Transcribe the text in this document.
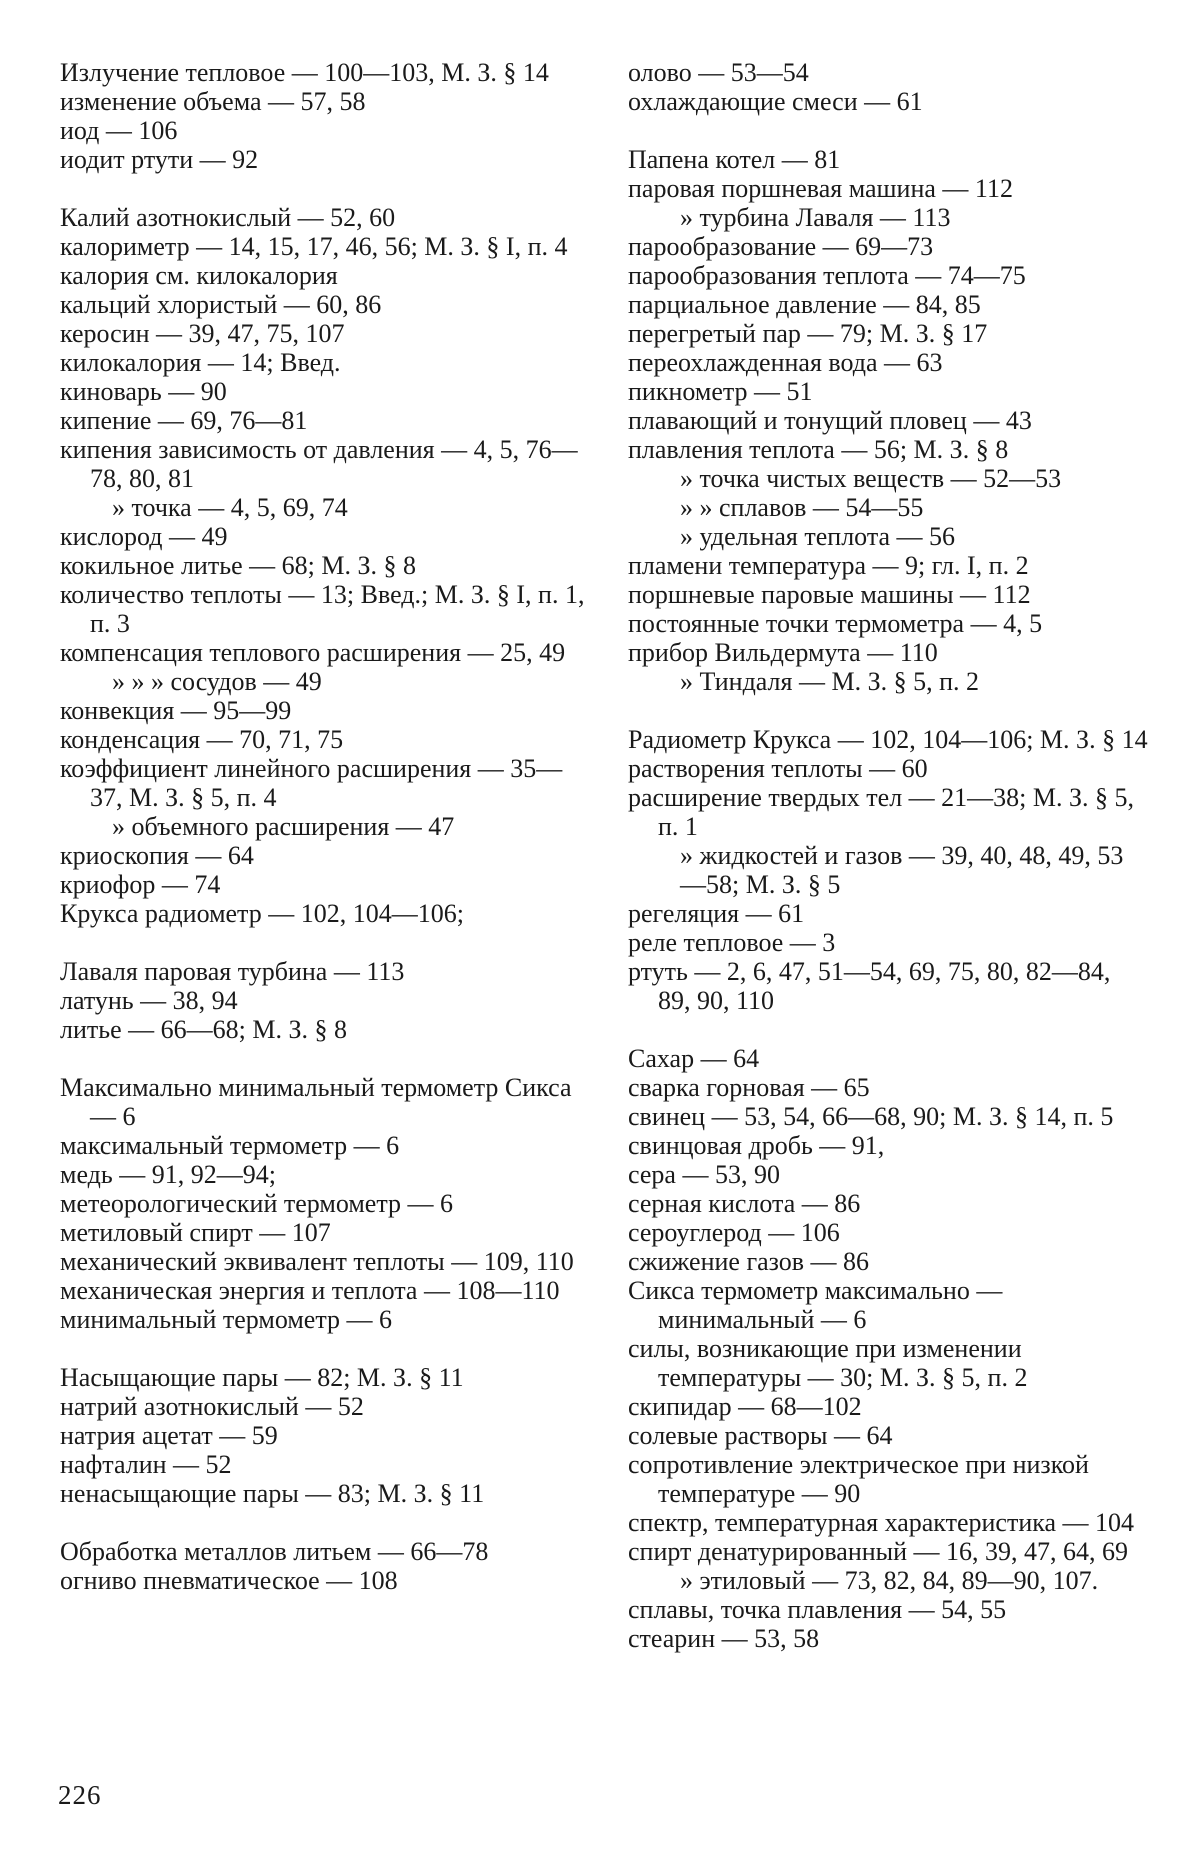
Излучение тепловое — 100—103, М. З. § 14
изменение объема — 57, 58
иод — 106
иодит ртути — 92
Калий азотнокислый — 52, 60
калориметр — 14, 15, 17, 46, 56; М. З. § I, п. 4
калория см. килокалория
кальций хлористый — 60, 86
керосин — 39, 47, 75, 107
килокалория — 14; Введ.
киноварь — 90
кипение — 69, 76—81
кипения зависимость от давления — 4, 5, 76—78, 80, 81
» точка — 4, 5, 69, 74
кислород — 49
кокильное литье — 68; М. З. § 8
количество теплоты — 13; Введ.; М. З. § I, п. 1, п. 3
компенсация теплового расширения — 25, 49
» » » сосудов — 49
конвекция — 95—99
конденсация — 70, 71, 75
коэффициент линейного расширения — 35—37, М. З. § 5, п. 4
» объемного расширения — 47
криоскопия — 64
криофор — 74
Крукса радиометр — 102, 104—106;
Лаваля паровая турбина — 113
латунь — 38, 94
литье — 66—68; М. З. § 8
Максимально минимальный термометр Сикса — 6
максимальный термометр — 6
медь — 91, 92—94;
метеорологический термометр — 6
метиловый спирт — 107
механический эквивалент теплоты — 109, 110
механическая энергия и теплота — 108—110
минимальный термометр — 6
Насыщающие пары — 82; М. З. § 11
натрий азотнокислый — 52
натрия ацетат — 59
нафталин — 52
ненасыщающие пары — 83; М. З. § 11
Обработка металлов литьем — 66—78
огниво пневматическое — 108
олово — 53—54
охлаждающие смеси — 61
Папена котел — 81
паровая поршневая машина — 112
» турбина Лаваля — 113
парообразование — 69—73
парообразования теплота — 74—75
парциальное давление — 84, 85
перегретый пар — 79; М. З. § 17
переохлажденная вода — 63
пикнометр — 51
плавающий и тонущий пловец — 43
плавления теплота — 56; М. З. § 8
» точка чистых веществ — 52—53
» » сплавов — 54—55
» удельная теплота — 56
пламени температура — 9; гл. I, п. 2
поршневые паровые машины — 112
постоянные точки термометра — 4, 5
прибор Вильдермута — 110
» Тиндаля — М. З. § 5, п. 2
Радиометр Крукса — 102, 104—106; М. З. § 14
растворения теплоты — 60
расширение твердых тел — 21—38; М. З. § 5, п. 1
» жидкостей и газов — 39, 40, 48, 49, 53—58; М. З. § 5
регеляция — 61
реле тепловое — 3
ртуть — 2, 6, 47, 51—54, 69, 75, 80, 82—84, 89, 90, 110
Сахар — 64
сварка горновая — 65
свинец — 53, 54, 66—68, 90; М. З. § 14, п. 5
свинцовая дробь — 91,
сера — 53, 90
серная кислота — 86
сероуглерод — 106
сжижение газов — 86
Сикса термометр максимально — минимальный — 6
силы, возникающие при изменении температуры — 30; М. З. § 5, п. 2
скипидар — 68—102
солевые растворы — 64
сопротивление электрическое при низкой температуре — 90
спектр, температурная характеристика — 104
спирт денатурированный — 16, 39, 47, 64, 69
» этиловый — 73, 82, 84, 89—90, 107.
сплавы, точка плавления — 54, 55
стеарин — 53, 58
226
